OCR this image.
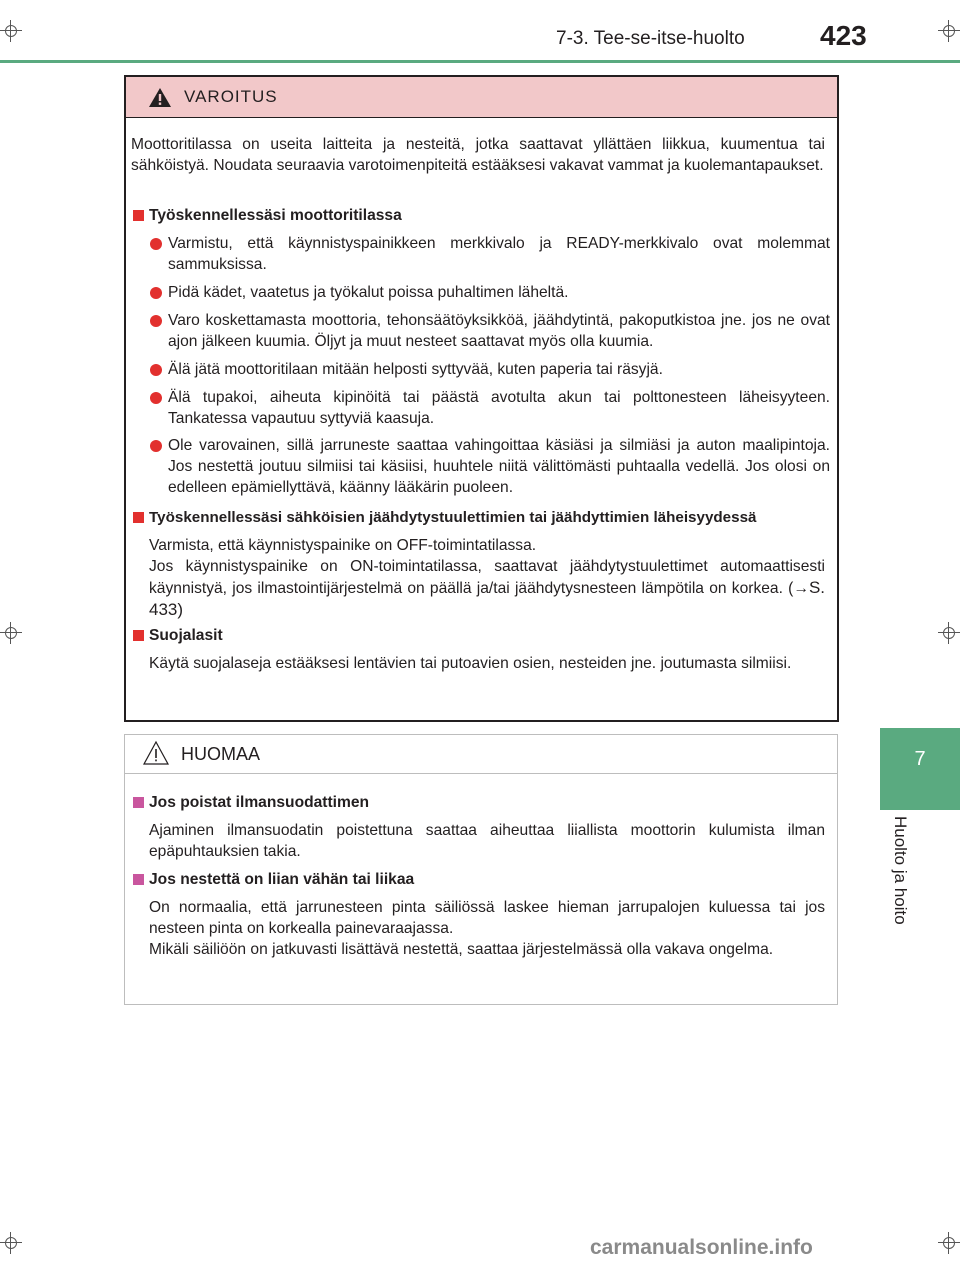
7-3. Tee-se-itse-huolto	423
7
Huolto ja hoito
VAROITUS
Moottoritilassa on useita laitteita ja nesteitä, jotka saattavat yllättäen liikkua, kuumentua tai sähköistyä. Noudata seuraavia varotoimenpiteitä estääksesi vakavat vammat ja kuolemantapaukset.
Työskennellessäsi moottoritilassa
Varmistu, että käynnistyspainikkeen merkkivalo ja READY-merkkivalo ovat molemmat sammuksissa.
Pidä kädet, vaatetus ja työkalut poissa puhaltimen läheltä.
Varo koskettamasta moottoria, tehonsäätöyksikköä, jäähdytintä, pakoputkistoa jne. jos ne ovat ajon jälkeen kuumia. Öljyt ja muut nesteet saattavat myös olla kuumia.
Älä jätä moottoritilaan mitään helposti syttyvää, kuten paperia tai räsyjä.
Älä tupakoi, aiheuta kipinöitä tai päästä avotulta akun tai polttonesteen läheisyyteen. Tankatessa vapautuu syttyviä kaasuja.
Ole varovainen, sillä jarruneste saattaa vahingoittaa käsiäsi ja silmiäsi ja auton maalipintoja. Jos nestettä joutuu silmiisi tai käsiisi, huuhtele niitä välittömästi puhtaalla vedellä. Jos olosi on edelleen epämiellyttävä, käänny lääkärin puoleen.
Työskennellessäsi sähköisien jäähdytystuulettimien tai jäähdyttimien läheisyydessä
Varmista, että käynnistyspainike on OFF-toimintatilassa.
Jos käynnistyspainike on ON-toimintatilassa, saattavat jäähdytystuulettimet automaattisesti käynnistyä, jos ilmastointijärjestelmä on päällä ja/tai jäähdytysnesteen lämpötila on korkea. (→S. 433)
Suojalasit
Käytä suojalaseja estääksesi lentävien tai putoavien osien, nesteiden jne. joutumasta silmiisi.
HUOMAA
Jos poistat ilmansuodattimen
Ajaminen ilmansuodatin poistettuna saattaa aiheuttaa liiallista moottorin kulumista ilman epäpuhtauksien takia.
Jos nestettä on liian vähän tai liikaa
On normaalia, että jarrunesteen pinta säiliössä laskee hieman jarrupalojen kuluessa tai jos nesteen pinta on korkealla painevaraajassa.
Mikäli säiliöön on jatkuvasti lisättävä nestettä, saattaa järjestelmässä olla vakava ongelma.
carmanualsonline.info
